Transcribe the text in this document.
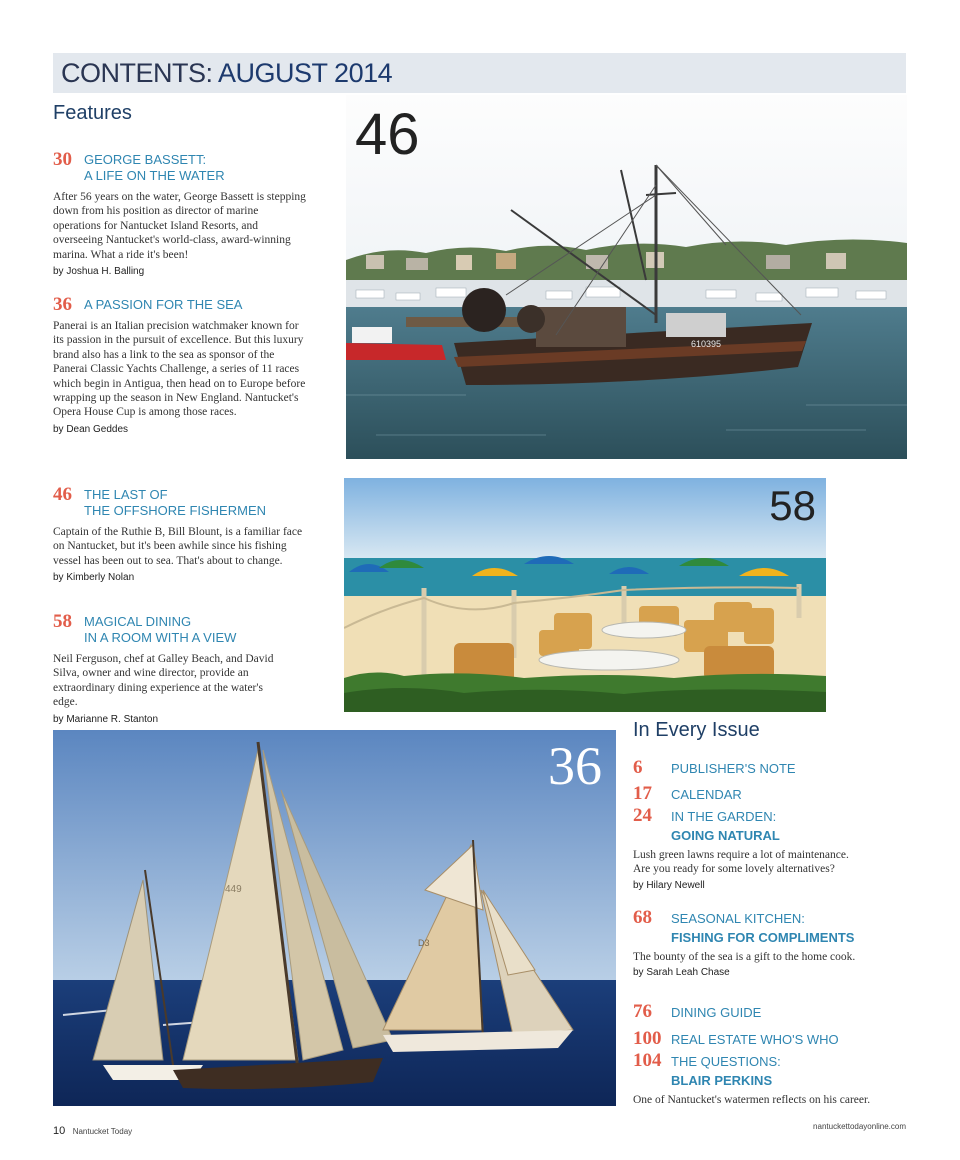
CONTENTS: AUGUST 2014
Features
30 GEORGE BASSETT:
A LIFE ON THE WATER
After 56 years on the water, George Bassett is stepping down from his position as director of marine operations for Nantucket Island Resorts, and overseeing Nantucket's world-class, award-winning marina. What a ride it's been!
by Joshua H. Balling
36 A PASSION FOR THE SEA
Panerai is an Italian precision watchmaker known for its passion in the pursuit of excellence. But this luxury brand also has a link to the sea as sponsor of the Panerai Classic Yachts Challenge, a series of 11 races which begin in Antigua, then head on to Europe before wrapping up the season in New England. Nantucket's Opera House Cup is among those races.
by Dean Geddes
46 THE LAST OF
THE OFFSHORE FISHERMEN
Captain of the Ruthie B, Bill Blount, is a familiar face on Nantucket, but it's been awhile since his fishing vessel has been out to sea. That's about to change.
by Kimberly Nolan
58 MAGICAL DINING
IN A ROOM WITH A VIEW
Neil Ferguson, chef at Galley Beach, and David Silva, owner and wine director, provide an extraordinary dining experience at the water's edge.
by Marianne R. Stanton
610395
46
58
449
D3
36
In Every Issue
6 PUBLISHER'S NOTE
17 CALENDAR
24 IN THE GARDEN:
GOING NATURAL
Lush green lawns require a lot of maintenance.
Are you ready for some lovely alternatives?
by Hilary Newell
68 SEASONAL KITCHEN:
FISHING FOR COMPLIMENTS
The bounty of the sea is a gift to the home cook.
by Sarah Leah Chase
76 DINING GUIDE
100 REAL ESTATE WHO'S WHO
104 THE QUESTIONS:
BLAIR PERKINS
One of Nantucket's watermen reflects on his career.
10 Nantucket Today
nantuckettodayonline.com
